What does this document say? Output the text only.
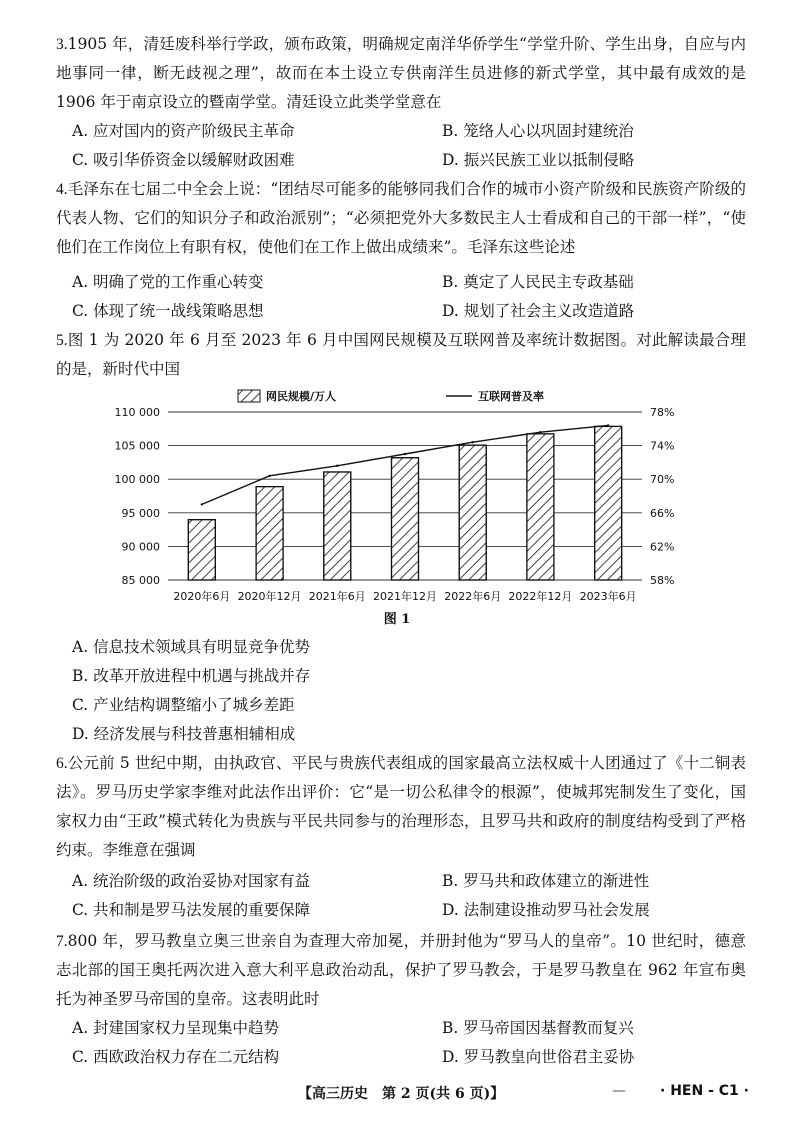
3.1905 年，清廷废科举行学政，颁布政策，明确规定南洋华侨学生“学堂升阶、学生出身，自应与内地事同一律，断无歧视之理”，故而在本土设立专供南洋生员进修的新式学堂，其中最有成效的是 1906 年于南京设立的暨南学堂。清廷设立此类学堂意在
A. 应对国内的资产阶级民主革命	B. 笼络人心以巩固封建统治
C. 吸引华侨资金以缓解财政困难	D. 振兴民族工业以抵制侵略
4.毛泽东在七届二中全会上说：“团结尽可能多的能够同我们合作的城市小资产阶级和民族资产阶级的代表人物、它们的知识分子和政治派别”；“必须把党外大多数民主人士看成和自己的干部一样”，“使他们在工作岗位上有职有权，使他们在工作上做出成绩来”。毛泽东这些论述
A. 明确了党的工作重心转变	B. 奠定了人民民主专政基础
C. 体现了统一战线策略思想	D. 规划了社会主义改造道路
5.图 1 为 2020 年 6 月至 2023 年 6 月中国网民规模及互联网普及率统计数据图。对此解读最合理的是，新时代中国
85 000
90 000
95 000
100 000
105 000
110 000
58%
62%
66%
70%
74%
78%
2020年6月 2020年12月 2021年6月 2021年12月 2022年6月 2022年12月 2023年6月
网民规模/万人	互联网普及率
图 1
A. 信息技术领域具有明显竞争优势
B. 改革开放进程中机遇与挑战并存
C. 产业结构调整缩小了城乡差距
D. 经济发展与科技普惠相辅相成
6.公元前 5 世纪中期，由执政官、平民与贵族代表组成的国家最高立法权威十人团通过了《十二铜表法》。罗马历史学家李维对此法作出评价：它“是一切公私律令的根源”，使城邦宪制发生了变化，国家权力由“王政”模式转化为贵族与平民共同参与的治理形态，且罗马共和政府的制度结构受到了严格约束。李维意在强调
A. 统治阶级的政治妥协对国家有益	B. 罗马共和政体建立的渐进性
C. 共和制是罗马法发展的重要保障	D. 法制建设推动罗马社会发展
7.800 年，罗马教皇立奥三世亲自为查理大帝加冕，并册封他为“罗马人的皇帝”。10 世纪时，德意志北部的国王奥托两次进入意大利平息政治动乱，保护了罗马教会，于是罗马教皇在 962 年宣布奥托为神圣罗马帝国的皇帝。这表明此时
A. 封建国家权力呈现集中趋势	B. 罗马帝国因基督教而复兴
C. 西欧政治权力存在二元结构	D. 罗马教皇向世俗君主妥协
【高三历史　第 2 页(共 6 页)】	— · HEN - C1 ·
